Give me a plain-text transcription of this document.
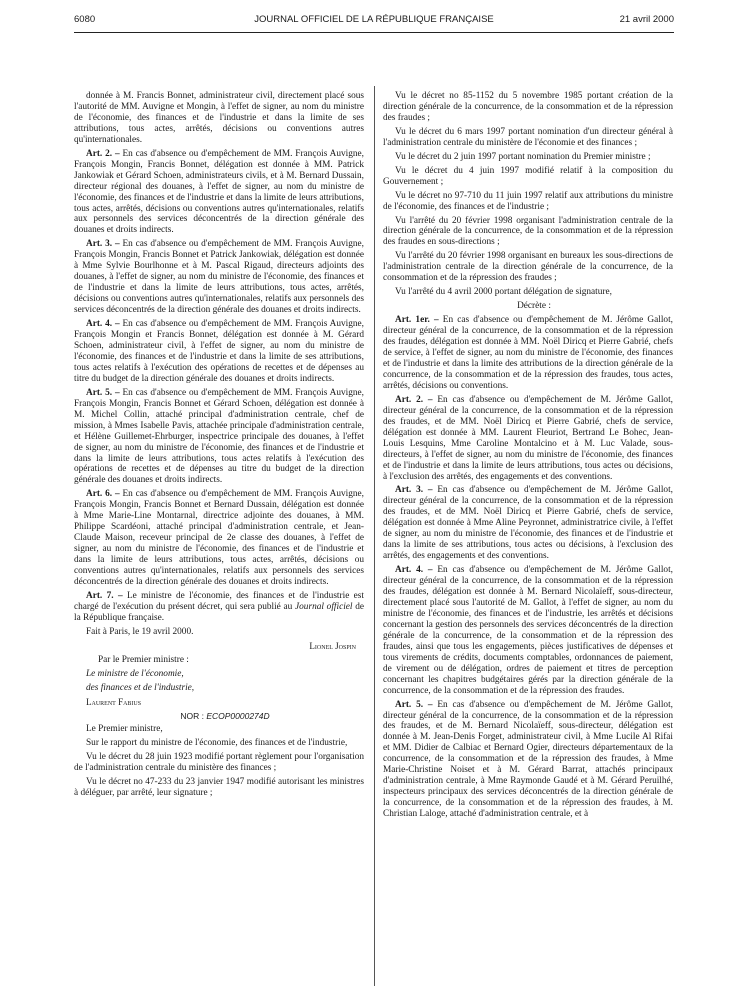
6080	JOURNAL OFFICIEL DE LA RÉPUBLIQUE FRANÇAISE	21 avril 2000

donnée à M. Francis Bonnet, administrateur civil, directement placé sous l'autorité de MM. Auvigne et Mongin, à l'effet de signer, au nom du ministre de l'économie, des finances et de l'industrie et dans la limite de ses attributions, tous actes, arrêtés, décisions ou conventions autres qu'internationales.

Art. 2. – En cas d'absence ou d'empêchement de MM. François Auvigne, François Mongin, Francis Bonnet, délégation est donnée à MM. Patrick Jankowiak et Gérard Schoen, administrateurs civils, et à M. Bernard Dussain, directeur régional des douanes, à l'effet de signer, au nom du ministre de l'économie, des finances et de l'industrie et dans la limite de leurs attributions, tous actes, arrêtés, décisions ou conventions autres qu'internationales, relatifs aux personnels des services déconcentrés de la direction générale des douanes et droits indirects.

Art. 3. – En cas d'absence ou d'empêchement de MM. François Auvigne, François Mongin, Francis Bonnet et Patrick Jankowiak, délégation est donnée à Mme Sylvie Bourlhonne et à M. Pascal Rigaud, directeurs adjoints des douanes, à l'effet de signer, au nom du ministre de l'économie, des finances et de l'industrie et dans la limite de leurs attributions, tous actes, arrêtés, décisions ou conventions autres qu'internationales, relatifs aux personnels des services déconcentrés de la direction générale des douanes et droits indirects.

Art. 4. – En cas d'absence ou d'empêchement de MM. François Auvigne, François Mongin et Francis Bonnet, délégation est donnée à M. Gérard Schoen, administrateur civil, à l'effet de signer, au nom du ministre de l'économie, des finances et de l'industrie et dans la limite de ses attributions, tous actes relatifs à l'exécution des opérations de recettes et de dépenses au titre du budget de la direction générale des douanes et droits indirects.

Art. 5. – En cas d'absence ou d'empêchement de MM. François Auvigne, François Mongin, Francis Bonnet et Gérard Schoen, délégation est donnée à M. Michel Collin, attaché principal d'administration centrale, chef de mission, à Mmes Isabelle Pavis, attachée principale d'administration centrale, et Hélène Guillemet-Ehrburger, inspectrice principale des douanes, à l'effet de signer, au nom du ministre de l'économie, des finances et de l'industrie et dans la limite de leurs attributions, tous actes relatifs à l'exécution des opérations de recettes et de dépenses au titre du budget de la direction générale des douanes et droits indirects.

Art. 6. – En cas d'absence ou d'empêchement de MM. François Auvigne, François Mongin, Francis Bonnet et Bernard Dussain, délégation est donnée à Mme Marie-Line Montarnal, directrice adjointe des douanes, à MM. Philippe Scardéoni, attaché principal d'administration centrale, et Jean-Claude Maison, receveur principal de 2e classe des douanes, à l'effet de signer, au nom du ministre de l'économie, des finances et de l'industrie et dans la limite de leurs attributions, tous actes, arrêtés, décisions ou conventions autres qu'internationales, relatifs aux personnels des services déconcentrés de la direction générale des douanes et droits indirects.

Art. 7. – Le ministre de l'économie, des finances et de l'industrie est chargé de l'exécution du présent décret, qui sera publié au Journal officiel de la République française.

Fait à Paris, le 19 avril 2000.

Lionel Jospin

Par le Premier ministre :

Le ministre de l'économie,

des finances et de l'industrie,

Laurent Fabius

NOR : ECOP0000274D

Le Premier ministre,

Sur le rapport du ministre de l'économie, des finances et de l'industrie,

Vu le décret du 28 juin 1923 modifié portant règlement pour l'organisation de l'administration centrale du ministère des finances ;

Vu le décret no 47-233 du 23 janvier 1947 modifié autorisant les ministres à déléguer, par arrêté, leur signature ;

Vu le décret no 85-1152 du 5 novembre 1985 portant création de la direction générale de la concurrence, de la consommation et de la répression des fraudes ;

Vu le décret du 6 mars 1997 portant nomination d'un directeur général à l'administration centrale du ministère de l'économie et des finances ;

Vu le décret du 2 juin 1997 portant nomination du Premier ministre ;

Vu le décret du 4 juin 1997 modifié relatif à la composition du Gouvernement ;

Vu le décret no 97-710 du 11 juin 1997 relatif aux attributions du ministre de l'économie, des finances et de l'industrie ;

Vu l'arrêté du 20 février 1998 organisant l'administration centrale de la direction générale de la concurrence, de la consommation et de la répression des fraudes en sous-directions ;

Vu l'arrêté du 20 février 1998 organisant en bureaux les sous-directions de l'administration centrale de la direction générale de la concurrence, de la consommation et de la répression des fraudes ;

Vu l'arrêté du 4 avril 2000 portant délégation de signature,

Décrète :

Art. 1er. – En cas d'absence ou d'empêchement de M. Jérôme Gallot, directeur général de la concurrence, de la consommation et de la répression des fraudes, délégation est donnée à MM. Noël Diricq et Pierre Gabrié, chefs de service, à l'effet de signer, au nom du ministre de l'économie, des finances et de l'industrie et dans la limite des attributions de la direction générale de la concurrence, de la consommation et de la répression des fraudes, tous actes, arrêtés, décisions ou conventions.

Art. 2. – En cas d'absence ou d'empêchement de M. Jérôme Gallot, directeur général de la concurrence, de la consommation et de la répression des fraudes, et de MM. Noël Diricq et Pierre Gabrié, chefs de service, délégation est donnée à MM. Laurent Fleuriot, Bertrand Le Bohec, Jean-Louis Lesquins, Mme Caroline Montalcino et à M. Luc Valade, sous-directeurs, à l'effet de signer, au nom du ministre de l'économie, des finances et de l'industrie et dans la limite de leurs attributions, tous actes ou décisions, à l'exclusion des arrêtés, des engagements et des conventions.

Art. 3. – En cas d'absence ou d'empêchement de M. Jérôme Gallot, directeur général de la concurrence, de la consommation et de la répression des fraudes, et de MM. Noël Diricq et Pierre Gabrié, chefs de service, délégation est donnée à Mme Aline Peyronnet, administratrice civile, à l'effet de signer, au nom du ministre de l'économie, des finances et de l'industrie et dans la limite de ses attributions, tous actes ou décisions, à l'exclusion des arrêtés, des engagements et des conventions.

Art. 4. – En cas d'absence ou d'empêchement de M. Jérôme Gallot, directeur général de la concurrence, de la consommation et de la répression des fraudes, délégation est donnée à M. Bernard Nicolaïeff, sous-directeur, directement placé sous l'autorité de M. Gallot, à l'effet de signer, au nom du ministre de l'économie, des finances et de l'industrie, les arrêtés et décisions concernant la gestion des personnels des services déconcentrés de la direction générale de la concurrence, de la consommation et de la répression des fraudes, ainsi que tous les engagements, pièces justificatives de dépenses et tous virements de crédits, documents comptables, ordonnances de paiement, de virement ou de délégation, ordres de paiement et titres de perception concernant les chapitres budgétaires gérés par la direction générale de la concurrence, de la consommation et de la répression des fraudes.

Art. 5. – En cas d'absence ou d'empêchement de M. Jérôme Gallot, directeur général de la concurrence, de la consommation et de la répression des fraudes, et de M. Bernard Nicolaïeff, sous-directeur, délégation est donnée à M. Jean-Denis Forget, administrateur civil, à Mme Lucile Al Rifai et MM. Didier de Calbiac et Bernard Ogier, directeurs départementaux de la concurrence, de la consommation et de la répression des fraudes, à Mme Marie-Christine Noiset et à M. Gérard Barrat, attachés principaux d'administration centrale, à Mme Raymonde Gaudé et à M. Gérard Peruilhé, inspecteurs principaux des services déconcentrés de la direction générale de la concurrence, de la consommation et de la répression des fraudes, à M. Christian Laloge, attaché d'administration centrale, et à
